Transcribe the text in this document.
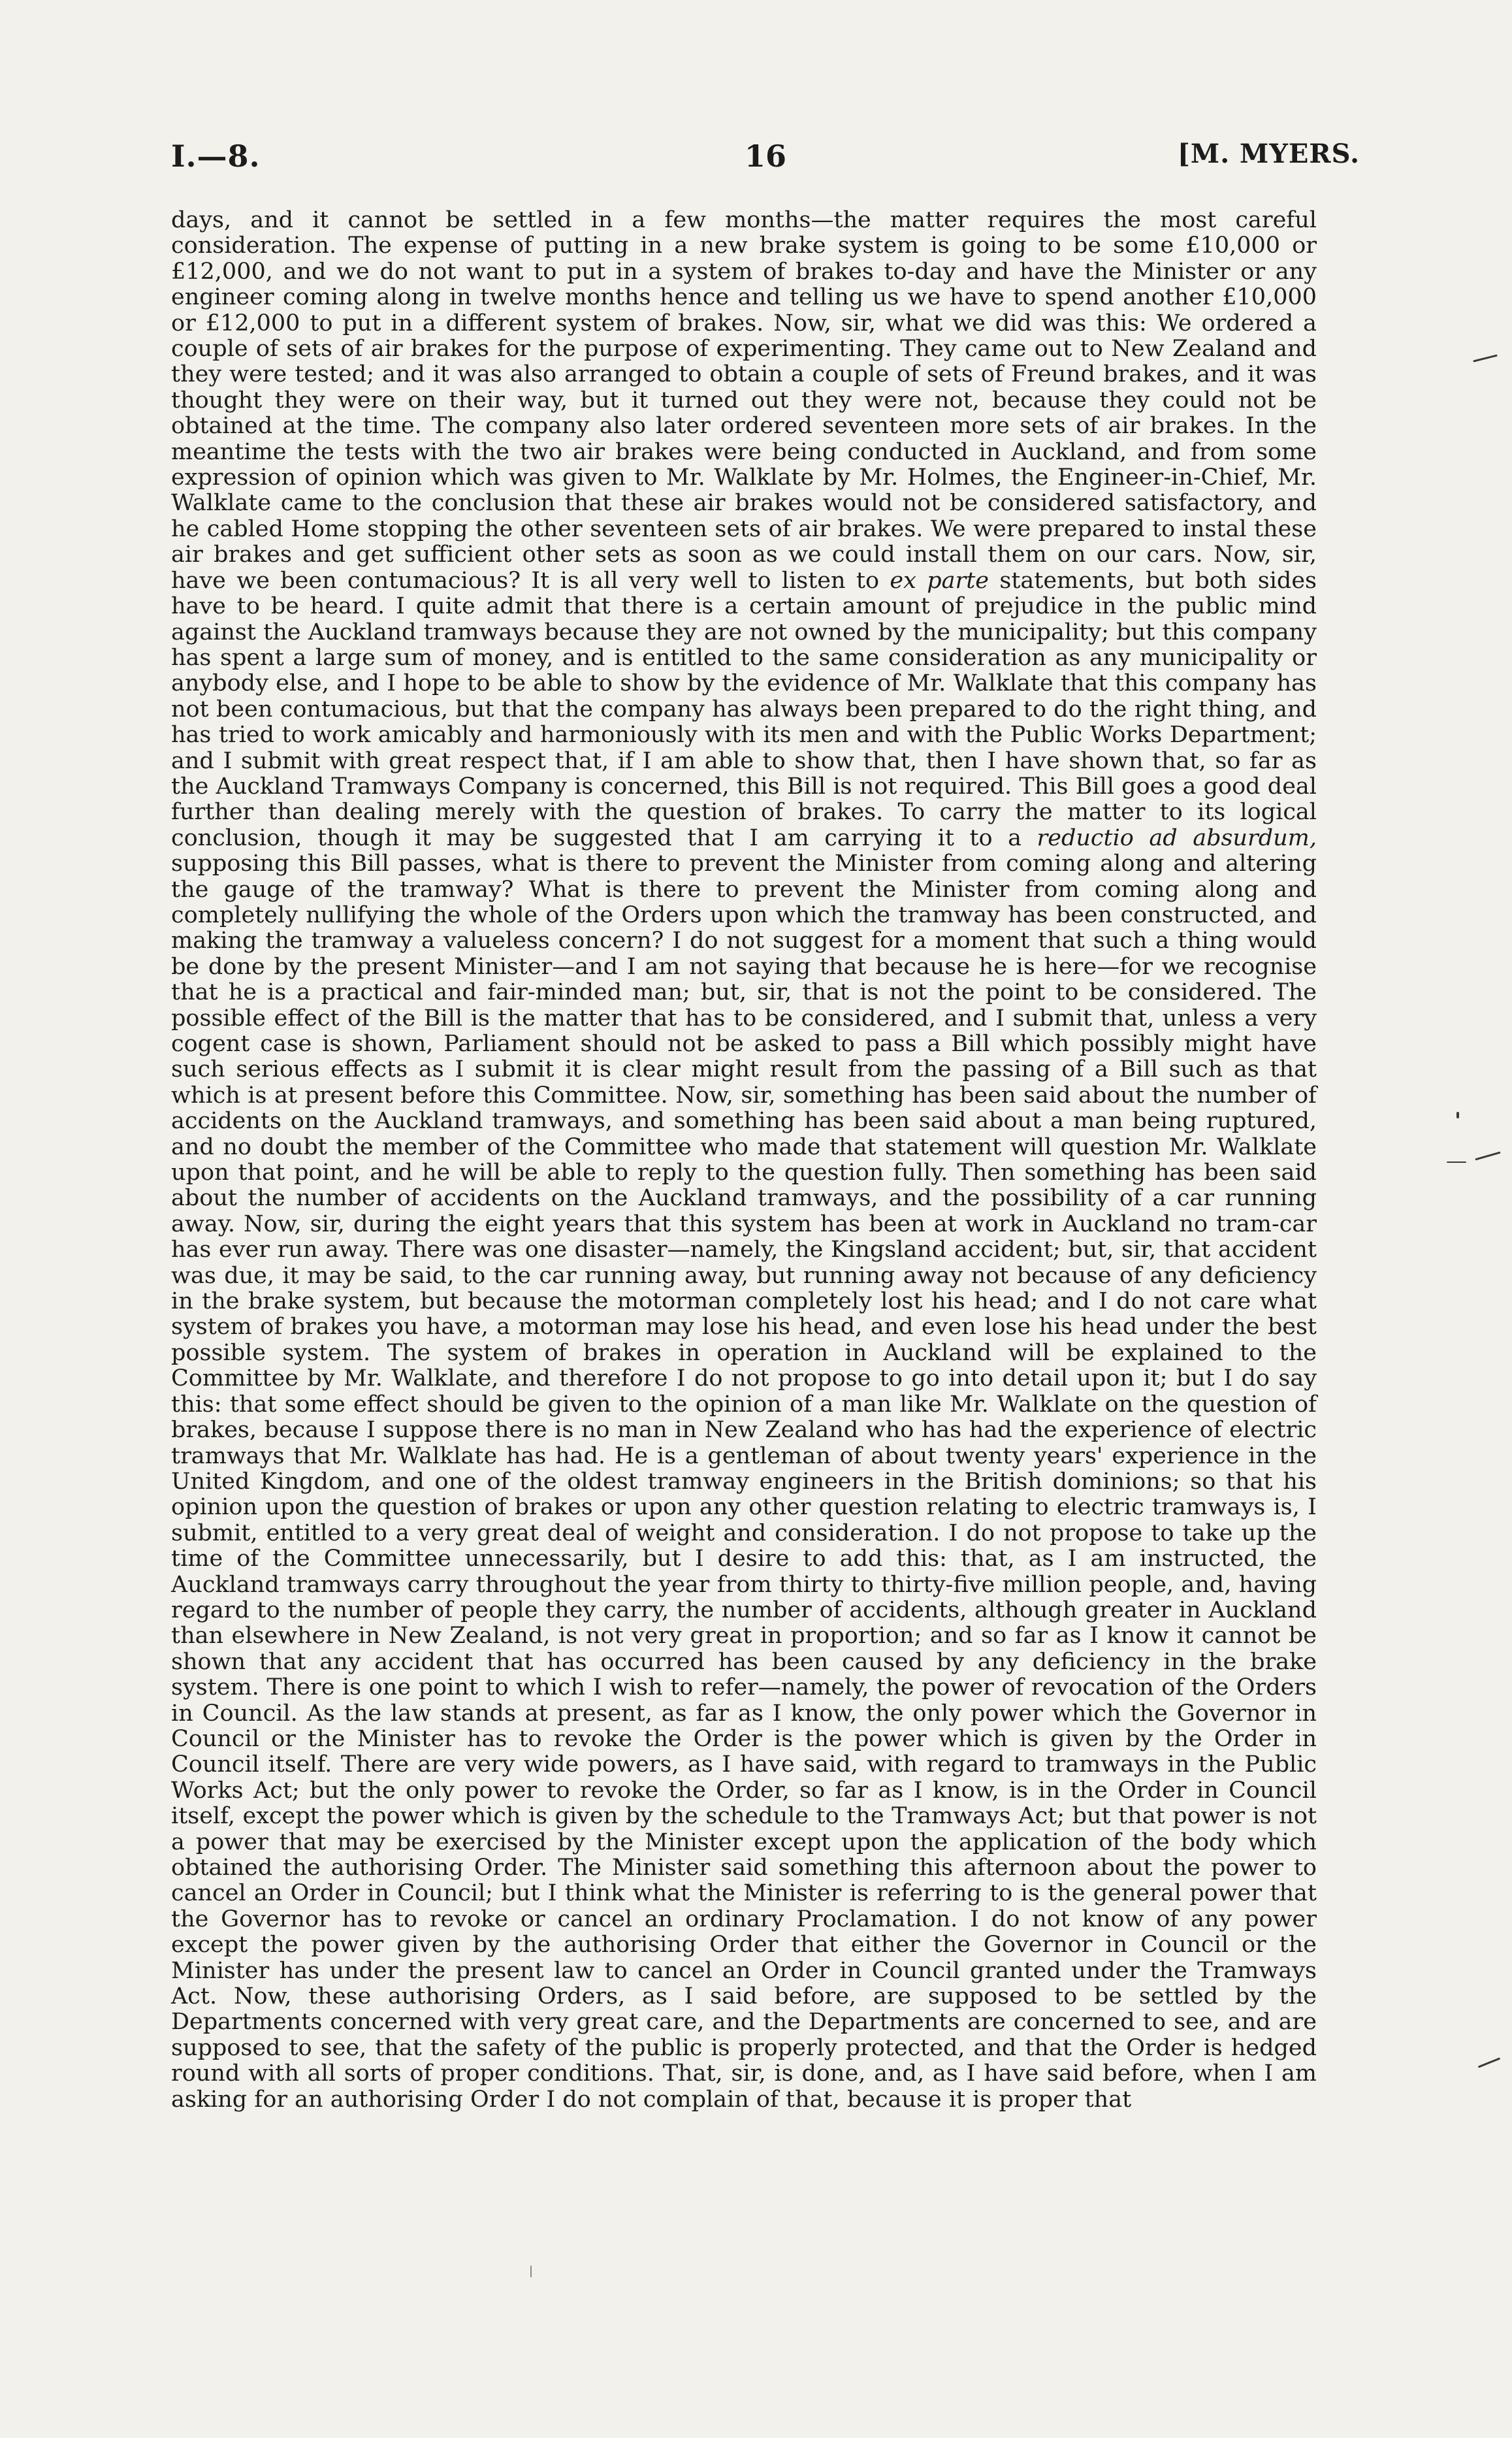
I.—8.	16	[M. MYERS.
days, and it cannot be settled in a few months—the matter requires the most careful consideration. The expense of putting in a new brake system is going to be some £10,000 or £12,000, and we do not want to put in a system of brakes to-day and have the Minister or any engineer coming along in twelve months hence and telling us we have to spend another £10,000 or £12,000 to put in a different system of brakes. Now, sir, what we did was this: We ordered a couple of sets of air brakes for the purpose of experimenting. They came out to New Zealand and they were tested; and it was also arranged to obtain a couple of sets of Freund brakes, and it was thought they were on their way, but it turned out they were not, because they could not be obtained at the time. The company also later ordered seventeen more sets of air brakes. In the meantime the tests with the two air brakes were being conducted in Auckland, and from some expression of opinion which was given to Mr. Walklate by Mr. Holmes, the Engineer-in-Chief, Mr. Walklate came to the conclusion that these air brakes would not be considered satisfactory, and he cabled Home stopping the other seventeen sets of air brakes. We were prepared to instal these air brakes and get sufficient other sets as soon as we could install them on our cars. Now, sir, have we been contumacious? It is all very well to listen to ex parte statements, but both sides have to be heard. I quite admit that there is a certain amount of prejudice in the public mind against the Auckland tramways because they are not owned by the municipality; but this company has spent a large sum of money, and is entitled to the same consideration as any municipality or anybody else, and I hope to be able to show by the evidence of Mr. Walklate that this company has not been contumacious, but that the company has always been prepared to do the right thing, and has tried to work amicably and harmoniously with its men and with the Public Works Department; and I submit with great respect that, if I am able to show that, then I have shown that, so far as the Auckland Tramways Company is concerned, this Bill is not required. This Bill goes a good deal further than dealing merely with the question of brakes. To carry the matter to its logical conclusion, though it may be suggested that I am carrying it to a reductio ad absurdum, supposing this Bill passes, what is there to prevent the Minister from coming along and altering the gauge of the tramway? What is there to prevent the Minister from coming along and completely nullifying the whole of the Orders upon which the tramway has been constructed, and making the tramway a valueless concern? I do not suggest for a moment that such a thing would be done by the present Minister—and I am not saying that because he is here—for we recognise that he is a practical and fair-minded man; but, sir, that is not the point to be considered. The possible effect of the Bill is the matter that has to be considered, and I submit that, unless a very cogent case is shown, Parliament should not be asked to pass a Bill which possibly might have such serious effects as I submit it is clear might result from the passing of a Bill such as that which is at present before this Committee. Now, sir, something has been said about the number of accidents on the Auckland tramways, and something has been said about a man being ruptured, and no doubt the member of the Committee who made that statement will question Mr. Walklate upon that point, and he will be able to reply to the question fully. Then something has been said about the number of accidents on the Auckland tramways, and the possibility of a car running away. Now, sir, during the eight years that this system has been at work in Auckland no tram-car has ever run away. There was one disaster—namely, the Kingsland accident; but, sir, that accident was due, it may be said, to the car running away, but running away not because of any deficiency in the brake system, but because the motorman completely lost his head; and I do not care what system of brakes you have, a motorman may lose his head, and even lose his head under the best possible system. The system of brakes in operation in Auckland will be explained to the Committee by Mr. Walklate, and therefore I do not propose to go into detail upon it; but I do say this: that some effect should be given to the opinion of a man like Mr. Walklate on the question of brakes, because I suppose there is no man in New Zealand who has had the experience of electric tramways that Mr. Walklate has had. He is a gentleman of about twenty years' experience in the United Kingdom, and one of the oldest tramway engineers in the British dominions; so that his opinion upon the question of brakes or upon any other question relating to electric tramways is, I submit, entitled to a very great deal of weight and consideration. I do not propose to take up the time of the Committee unnecessarily, but I desire to add this: that, as I am instructed, the Auckland tramways carry throughout the year from thirty to thirty-five million people, and, having regard to the number of people they carry, the number of accidents, although greater in Auckland than elsewhere in New Zealand, is not very great in proportion; and so far as I know it cannot be shown that any accident that has occurred has been caused by any deficiency in the brake system. There is one point to which I wish to refer—namely, the power of revocation of the Orders in Council. As the law stands at present, as far as I know, the only power which the Governor in Council or the Minister has to revoke the Order is the power which is given by the Order in Council itself. There are very wide powers, as I have said, with regard to tramways in the Public Works Act; but the only power to revoke the Order, so far as I know, is in the Order in Council itself, except the power which is given by the schedule to the Tramways Act; but that power is not a power that may be exercised by the Minister except upon the application of the body which obtained the authorising Order. The Minister said something this afternoon about the power to cancel an Order in Council; but I think what the Minister is referring to is the general power that the Governor has to revoke or cancel an ordinary Proclamation. I do not know of any power except the power given by the authorising Order that either the Governor in Council or the Minister has under the present law to cancel an Order in Council granted under the Tramways Act. Now, these authorising Orders, as I said before, are supposed to be settled by the Departments concerned with very great care, and the Departments are concerned to see, and are supposed to see, that the safety of the public is properly protected, and that the Order is hedged round with all sorts of proper conditions. That, sir, is done, and, as I have said before, when I am asking for an authorising Order I do not complain of that, because it is proper that
